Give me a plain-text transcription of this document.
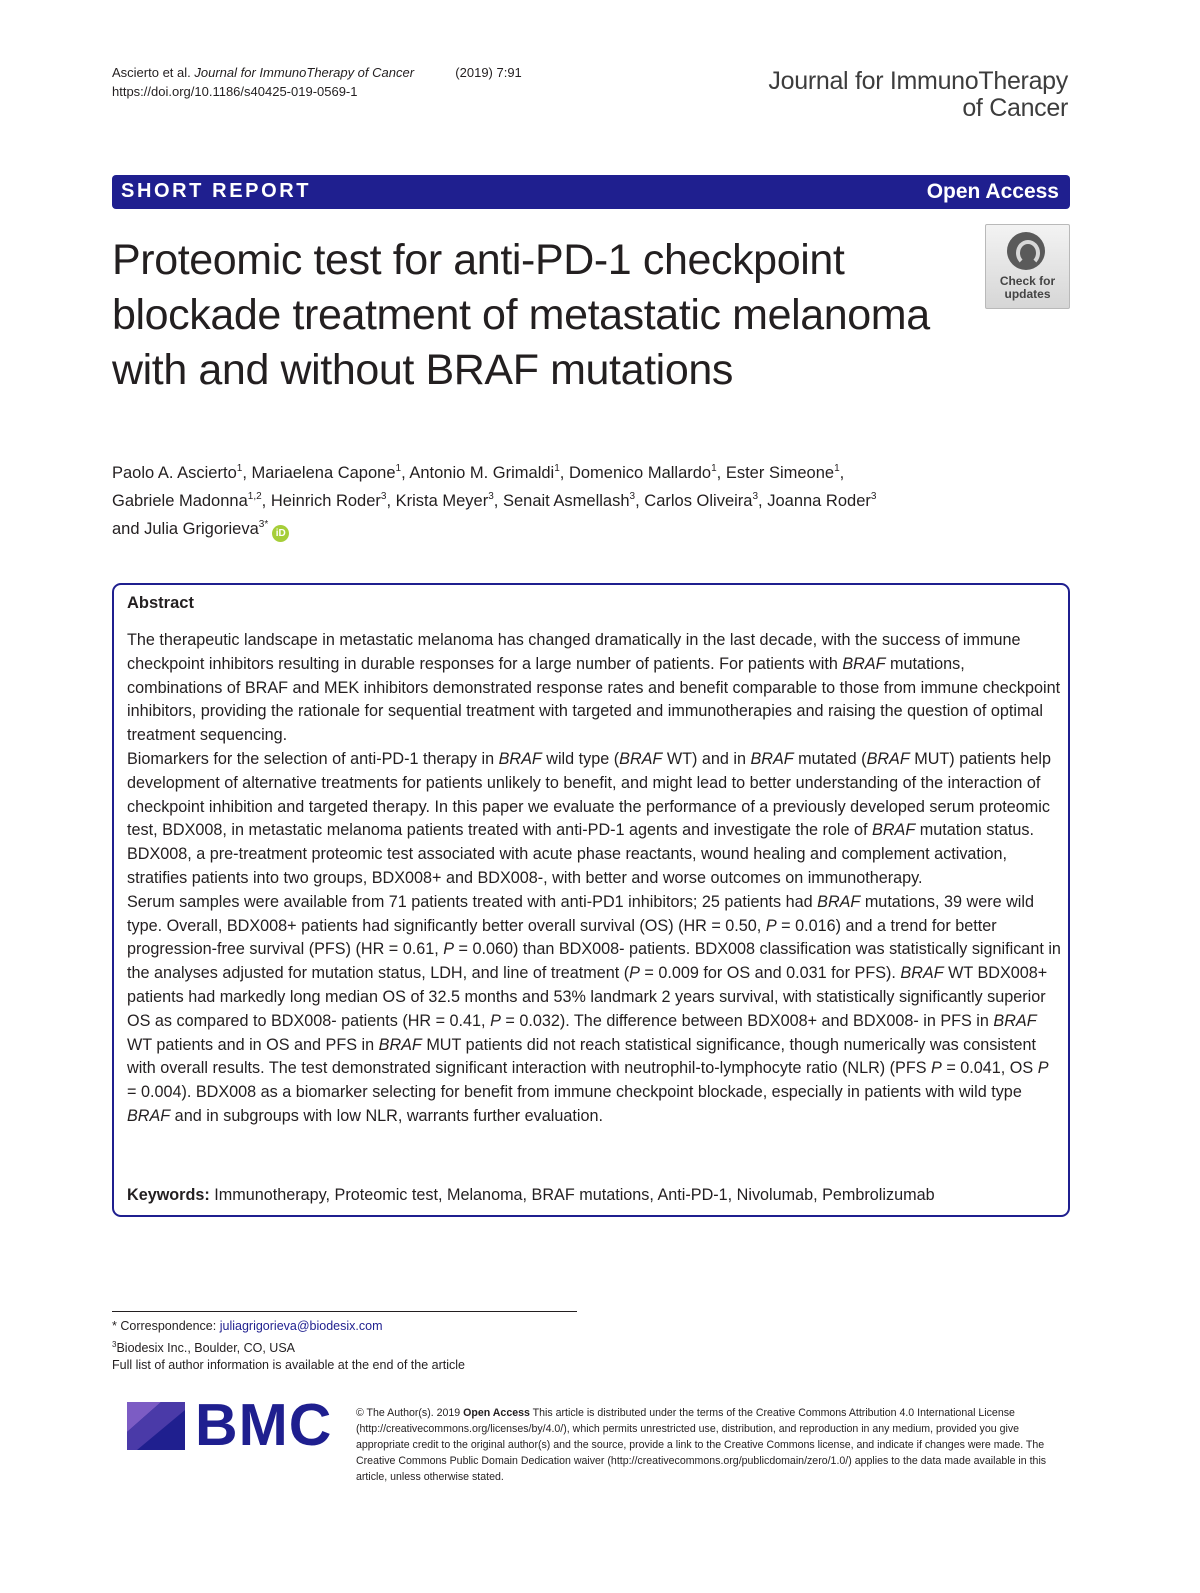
Ascierto et al. Journal for ImmunoTherapy of Cancer	(2019) 7:91
https://doi.org/10.1186/s40425-019-0569-1	Journal for ImmunoTherapy
of Cancer
SHORT REPORT	Open Access
Proteomic test for anti-PD-1 checkpoint blockade treatment of metastatic melanoma with and without BRAF mutations
Check for
updates
Paolo A. Ascierto$^1$, Mariaelena Capone$^1$, Antonio M. Grimaldi$^1$, Domenico Mallardo$^1$, Ester Simeone$^1$,
Gabriele Madonna$^{1,2}$, Heinrich Roder$^3$, Krista Meyer$^3$, Senait Asmellash$^3$, Carlos Oliveira$^3$, Joanna Roder$^3$
and Julia Grigorieva$^{3*}$iD
Abstract

The therapeutic landscape in metastatic melanoma has changed dramatically in the last decade, with the success of immune checkpoint inhibitors resulting in durable responses for a large number of patients. For patients with BRAF mutations, combinations of BRAF and MEK inhibitors demonstrated response rates and benefit comparable to those from immune checkpoint inhibitors, providing the rationale for sequential treatment with targeted and immunotherapies and raising the question of optimal treatment sequencing.

Biomarkers for the selection of anti-PD-1 therapy in BRAF wild type (BRAF WT) and in BRAF mutated (BRAF MUT) patients help development of alternative treatments for patients unlikely to benefit, and might lead to better understanding of the interaction of checkpoint inhibition and targeted therapy. In this paper we evaluate the performance of a previously developed serum proteomic test, BDX008, in metastatic melanoma patients treated with anti-PD-1 agents and investigate the role of BRAF mutation status. BDX008, a pre-treatment proteomic test associated with acute phase reactants, wound healing and complement activation, stratifies patients into two groups, BDX008+ and BDX008-, with better and worse outcomes on immunotherapy.

Serum samples were available from 71 patients treated with anti-PD1 inhibitors; 25 patients had BRAF mutations, 39 were wild type. Overall, BDX008+ patients had significantly better overall survival (OS) (HR = 0.50, P = 0.016) and a trend for better progression-free survival (PFS) (HR = 0.61, P = 0.060) than BDX008- patients. BDX008 classification was statistically significant in the analyses adjusted for mutation status, LDH, and line of treatment (P = 0.009 for OS and 0.031 for PFS). BRAF WT BDX008+ patients had markedly long median OS of 32.5 months and 53% landmark 2 years survival, with statistically significantly superior OS as compared to BDX008- patients (HR = 0.41, P = 0.032). The difference between BDX008+ and BDX008- in PFS in BRAF WT patients and in OS and PFS in BRAF MUT patients did not reach statistical significance, though numerically was consistent with overall results. The test demonstrated significant interaction with neutrophil-to-lymphocyte ratio (NLR) (PFS P = 0.041, OS P = 0.004). BDX008 as a biomarker selecting for benefit from immune checkpoint blockade, especially in patients with wild type BRAF and in subgroups with low NLR, warrants further evaluation.

Keywords: Immunotherapy, Proteomic test, Melanoma, BRAF mutations, Anti-PD-1, Nivolumab, Pembrolizumab
* Correspondence: juliagrigorieva@biodesix.com
$^3$Biodesix Inc., Boulder, CO, USA
Full list of author information is available at the end of the article
BMC © The Author(s). 2019 Open Access This article is distributed under the terms of the Creative Commons Attribution 4.0 International License (http://creativecommons.org/licenses/by/4.0/), which permits unrestricted use, distribution, and reproduction in any medium, provided you give appropriate credit to the original author(s) and the source, provide a link to the Creative Commons license, and indicate if changes were made. The Creative Commons Public Domain Dedication waiver (http://creativecommons.org/publicdomain/zero/1.0/) applies to the data made available in this article, unless otherwise stated.
